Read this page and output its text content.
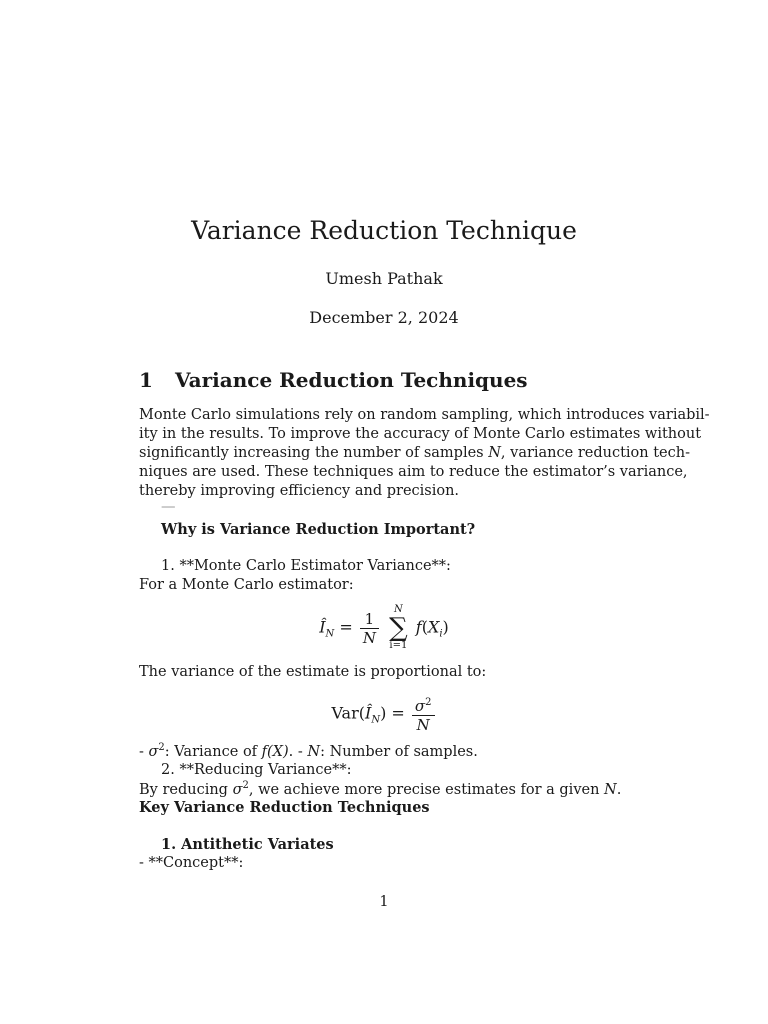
Variance Reduction Technique
Umesh Pathak
December 2, 2024
1 Variance Reduction Techniques
Monte Carlo simulations rely on random sampling, which introduces variabil-
ity in the results. To improve the accuracy of Monte Carlo estimates without
significantly increasing the number of samples N, variance reduction tech-
niques are used. These techniques aim to reduce the estimator’s variance,
thereby improving efficiency and precision.
—
Why is Variance Reduction Important?
1. **Monte Carlo Estimator Variance**:
For a Monte Carlo estimator:
$Î_N = \frac{1}{N}$
	N
∑
i=1
$f(X_i)$
The variance of the estimate is proportional to:
$Var(Î_N) = \frac{\sigma^2}{N}$
- $\sigma^2$: Variance of f(X). - N: Number of samples.
2. **Reducing Variance**:
By reducing $\sigma^2$, we achieve more precise estimates for a given N.
Key Variance Reduction Techniques
1. Antithetic Variates
- **Concept**:
1
